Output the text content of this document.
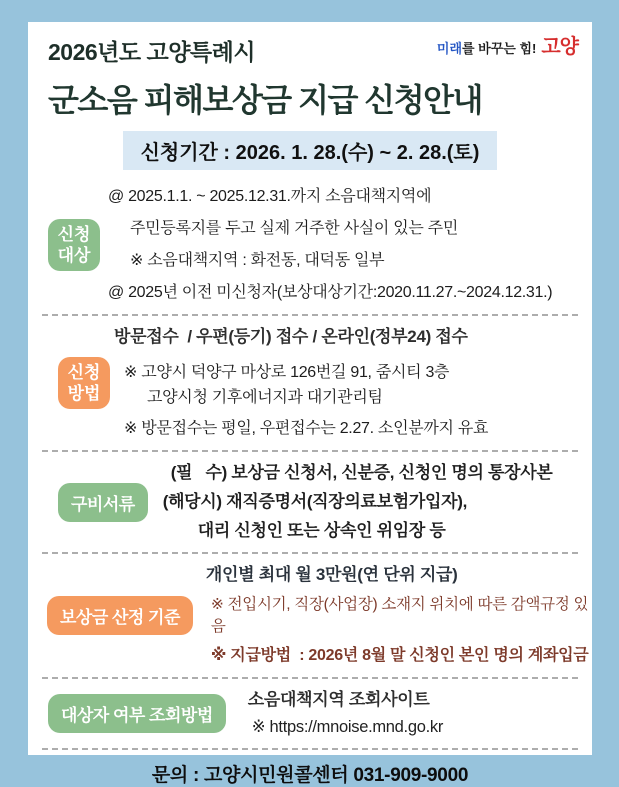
2026년도 고양특례시
군소음 피해보상금 지급 신청안내
미래 를 바꾸는 힘! 고양
신청기간 : 2026. 1. 28.(수) ~ 2. 28.(토)
신청
대상
@ 2025.1.1. ~ 2025.12.31.까지 소음대책지역에
주민등록지를 두고 실제 거주한 사실이 있는 주민
※ 소음대책지역 : 화전동, 대덕동 일부
@ 2025년 이전 미신청자(보상대상기간:2020.11.27.~2024.12.31.)
신청
방법
방문접수  / 우편(등기) 접수 / 온라인(정부24) 접수
※ 고양시 덕양구 마상로 126번길 91, 줌시티 3층
고양시청 기후에너지과 대기관리팀
※ 방문접수는 평일, 우편접수는 2.27. 소인분까지 유효
구비서류
(필   수) 보상금 신청서, 신분증, 신청인 명의 통장사본
(해당시) 재직증명서(직장의료보험가입자),
대리 신청인 또는 상속인 위임장 등
보상금 산정 기준
개인별 최대 월 3만원(연 단위 지급)
※ 전입시기, 직장(사업장) 소재지 위치에 따른 감액규정 있음
※ 지급방법  : 2026년 8월 말 신청인 본인 명의 계좌입금
대상자 여부 조회방법
소음대책지역 조회사이트
※ https://mnoise.mnd.go.kr
문의 : 고양시민원콜센터 031-909-9000
